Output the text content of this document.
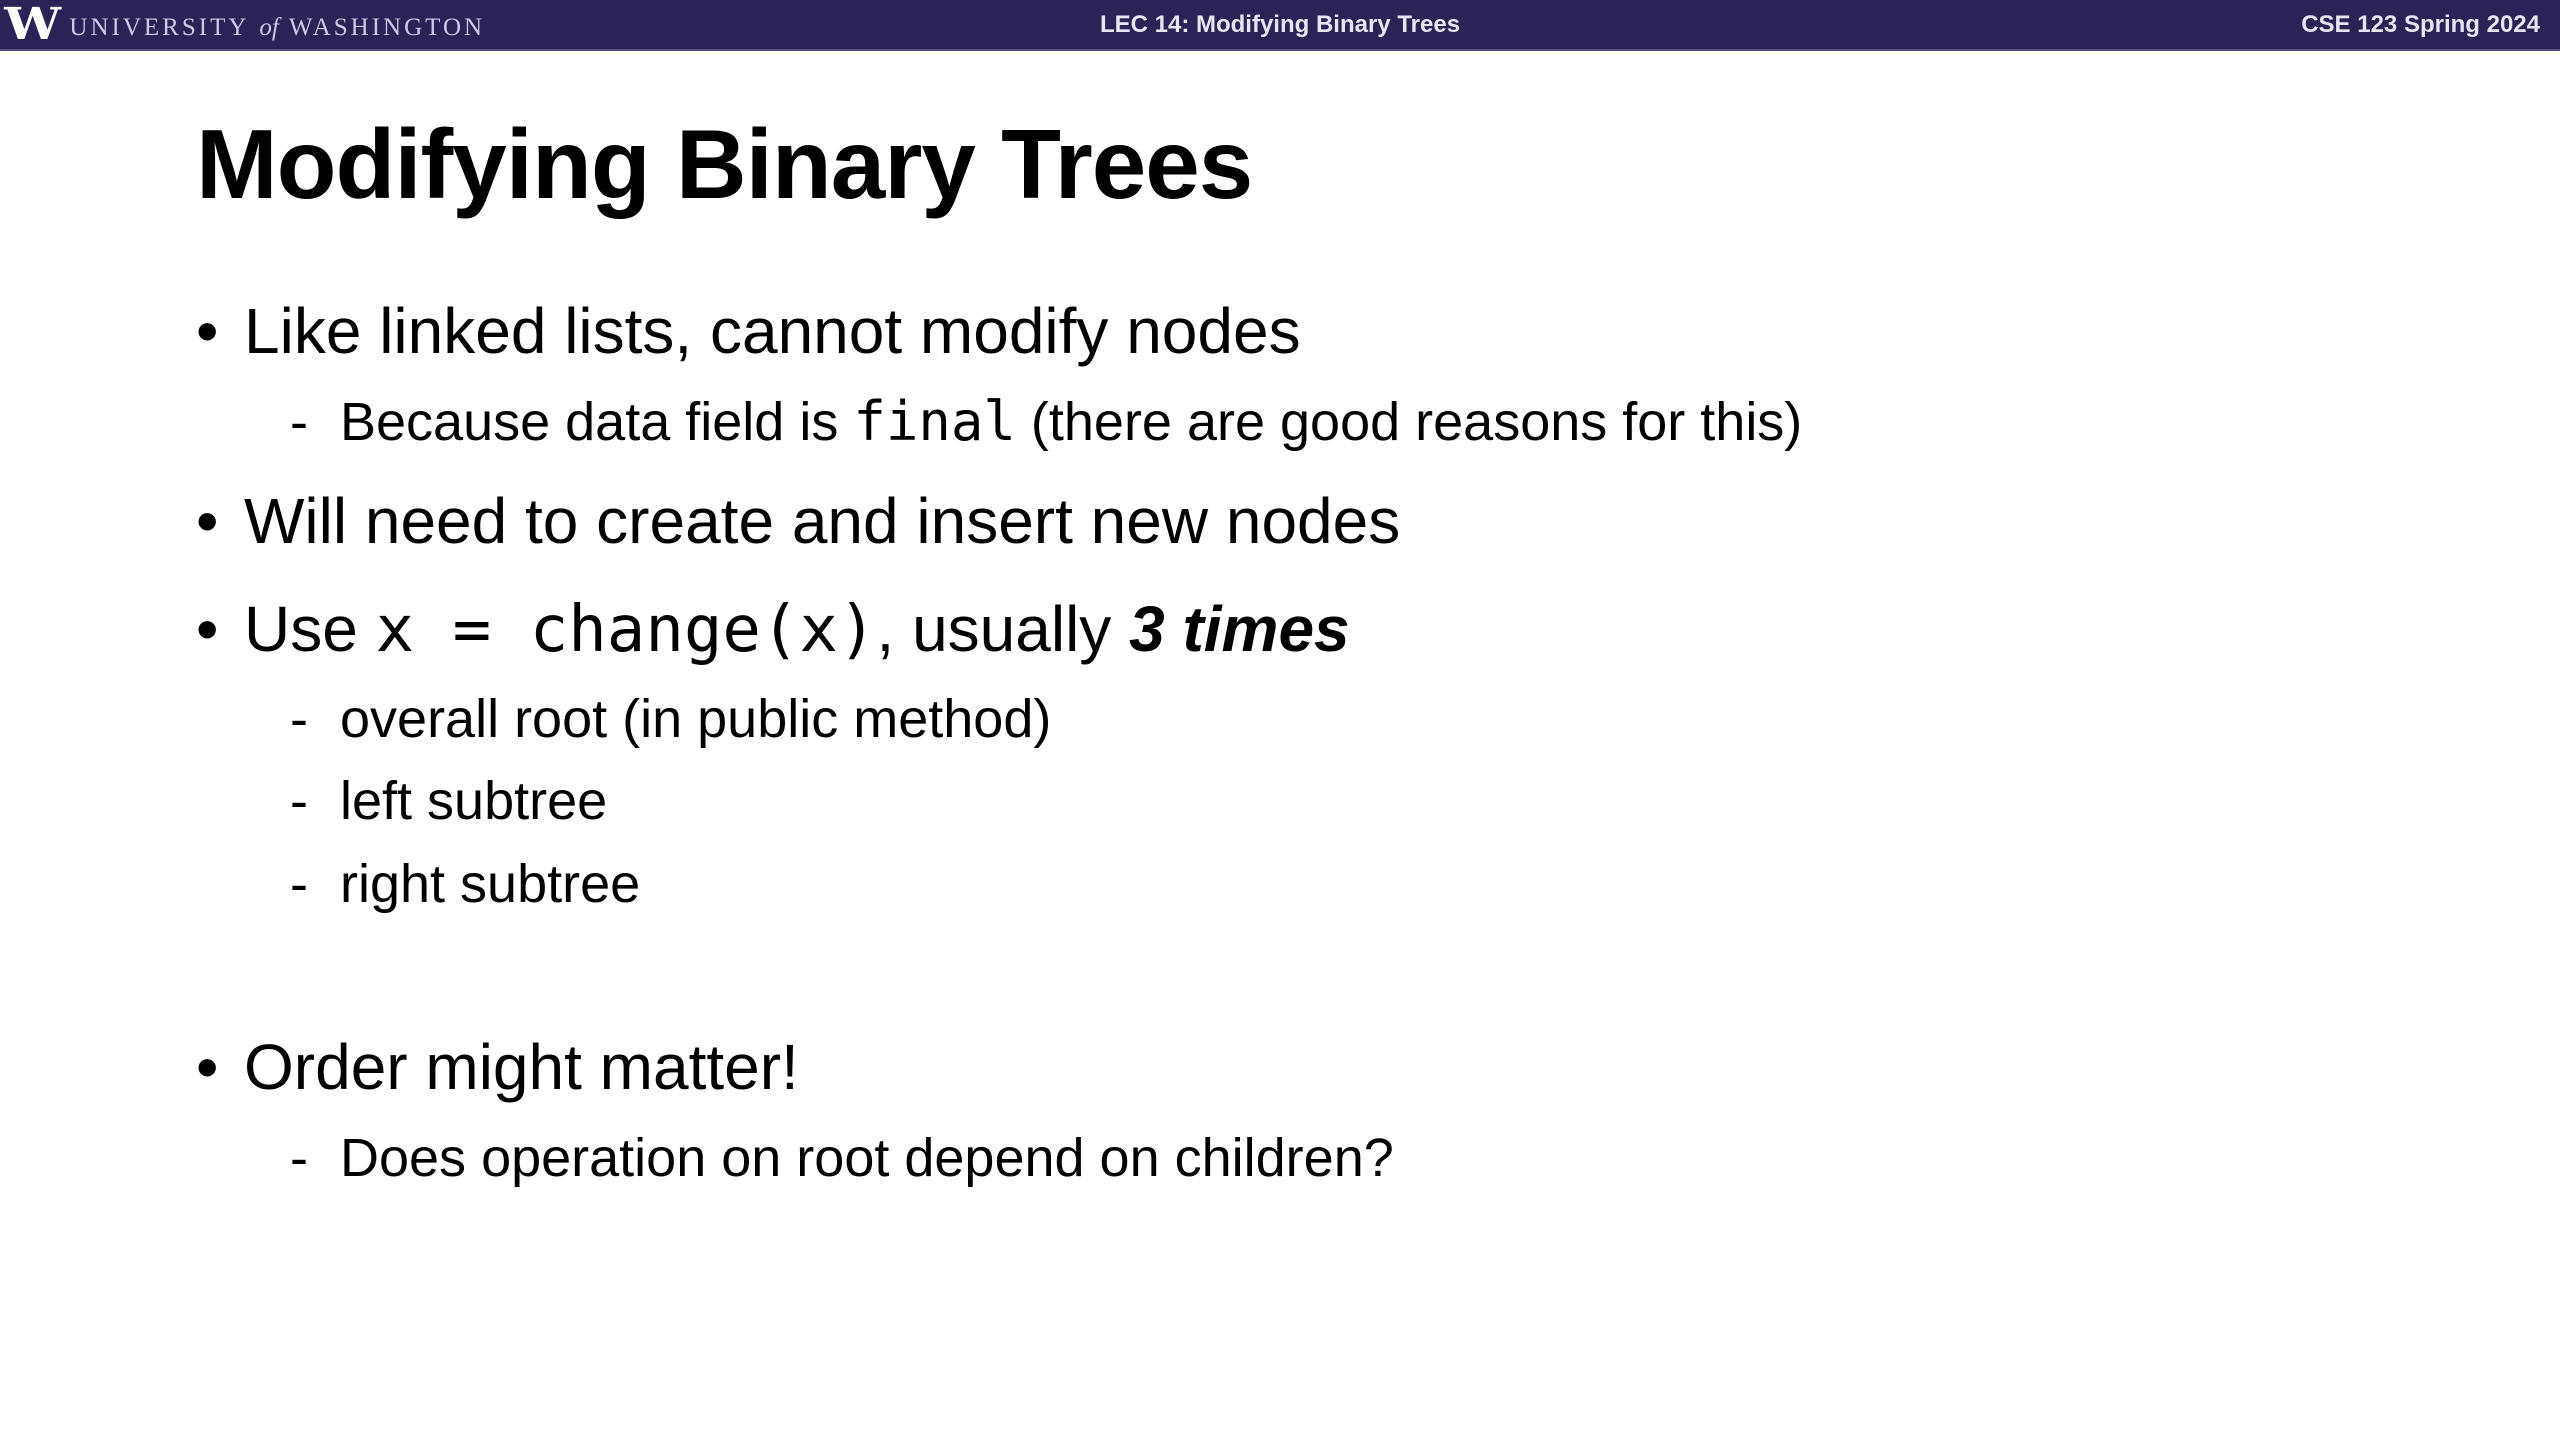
W UNIVERSITY of WASHINGTON	LEC 14: Modifying Binary Trees	CSE 123 Spring 2024
Modifying Binary Trees
• Like linked lists, cannot modify nodes
- Because data field is final (there are good reasons for this)
• Will need to create and insert new nodes
• Use x = change(x), usually 3 times
- overall root (in public method)
- left subtree
- right subtree
• Order might matter!
- Does operation on root depend on children?
